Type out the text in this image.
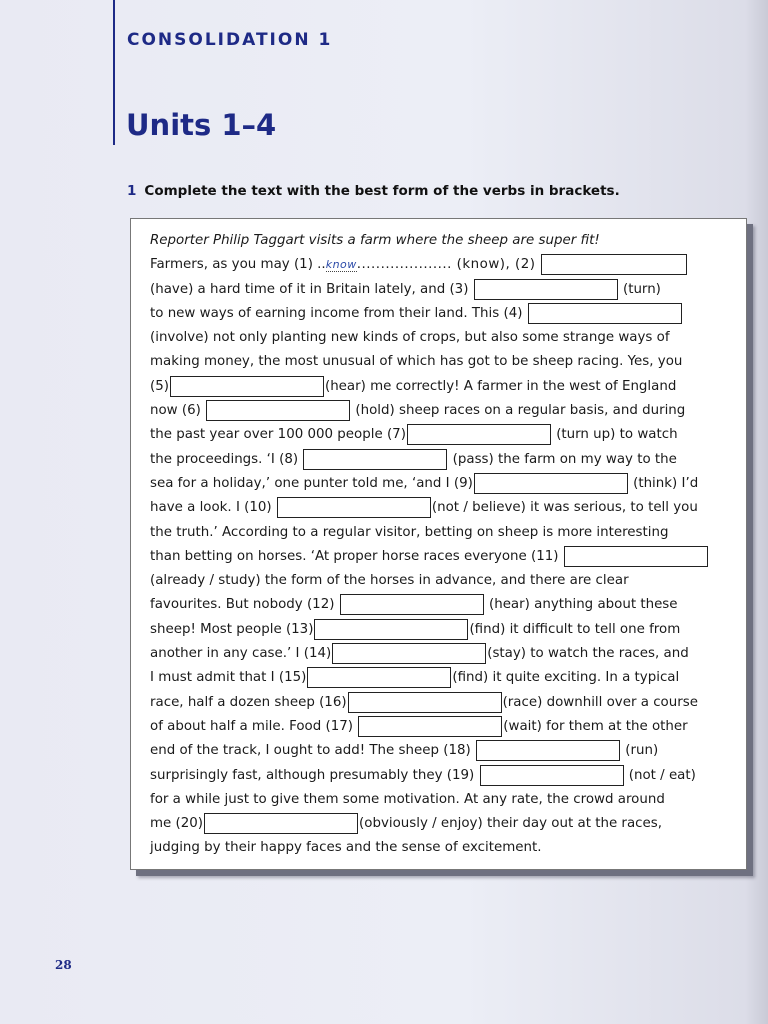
CONSOLIDATION 1
Units 1–4
1 Complete the text with the best form of the verbs in brackets.
Reporter Philip Taggart visits a farm where the sheep are super fit!
Farmers, as you may (1) ..know.................... (know), (2)
(have) a hard time of it in Britain lately, and (3)	(turn)
to new ways of earning income from their land. This (4)
(involve) not only planting new kinds of crops, but also some strange ways of
making money, the most unusual of which has got to be sheep racing. Yes, you
(5)	(hear) me correctly! A farmer in the west of England
now (6)	(hold) sheep races on a regular basis, and during
the past year over 100 000 people (7)	(turn up) to watch
the proceedings. ‘I (8)	(pass) the farm on my way to the
sea for a holiday,’ one punter told me, ‘and I (9)	(think) I’d
have a look. I (10)	(not / believe) it was serious, to tell you
the truth.’ According to a regular visitor, betting on sheep is more interesting
than betting on horses. ‘At proper horse races everyone (11)
(already / study) the form of the horses in advance, and there are clear
favourites. But nobody (12)	(hear) anything about these
sheep! Most people (13)	(find) it difficult to tell one from
another in any case.’ I (14)	(stay) to watch the races, and
I must admit that I (15)	(find) it quite exciting. In a typical
race, half a dozen sheep (16)	(race) downhill over a course
of about half a mile. Food (17)	(wait) for them at the other
end of the track, I ought to add! The sheep (18)	(run)
surprisingly fast, although presumably they (19)	(not / eat)
for a while just to give them some motivation. At any rate, the crowd around
me (20)	(obviously / enjoy) their day out at the races,
judging by their happy faces and the sense of excitement.
28
